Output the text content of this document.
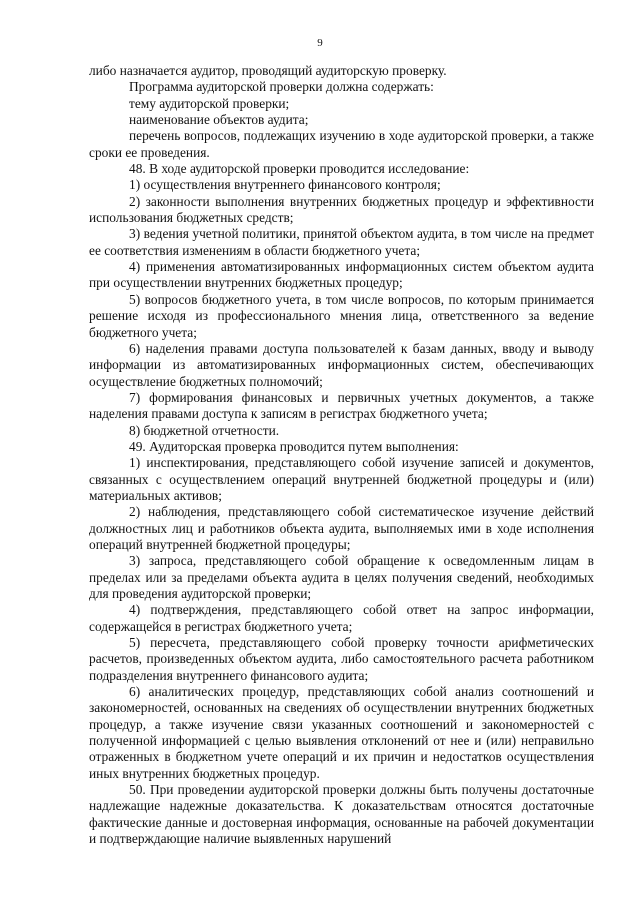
9

либо назначается аудитор, проводящий аудиторскую проверку.

Программа аудиторской проверки должна содержать:

тему аудиторской проверки;

наименование объектов аудита;

перечень вопросов, подлежащих изучению в ходе аудиторской проверки, а также сроки ее проведения.

48. В ходе аудиторской проверки проводится исследование:

1) осуществления внутреннего финансового контроля;

2) законности выполнения внутренних бюджетных процедур и эффективности использования бюджетных средств;

3) ведения учетной политики, принятой объектом аудита, в том числе на предмет ее соответствия изменениям в области бюджетного учета;

4) применения автоматизированных информационных систем объектом аудита при осуществлении внутренних бюджетных процедур;

5) вопросов бюджетного учета, в том числе вопросов, по которым принимается решение исходя из профессионального мнения лица, ответственного за ведение бюджетного учета;

6) наделения правами доступа пользователей к базам данных, вводу и выводу информации из автоматизированных информационных систем, обеспечивающих осуществление бюджетных полномочий;

7) формирования финансовых и первичных учетных документов, а также наделения правами доступа к записям в регистрах бюджетного учета;

8) бюджетной отчетности.

49. Аудиторская проверка проводится путем выполнения:

1) инспектирования, представляющего собой изучение записей и документов, связанных с осуществлением операций внутренней бюджетной процедуры и (или) материальных активов;

2) наблюдения, представляющего собой систематическое изучение действий должностных лиц и работников объекта аудита, выполняемых ими в ходе исполнения операций внутренней бюджетной процедуры;

3) запроса, представляющего собой обращение к осведомленным лицам в пределах или за пределами объекта аудита в целях получения сведений, необходимых для проведения аудиторской проверки;

4) подтверждения, представляющего собой ответ на запрос информации, содержащейся в регистрах бюджетного учета;

5) пересчета, представляющего собой проверку точности арифметических расчетов, произведенных объектом аудита, либо самостоятельного расчета работником подразделения внутреннего финансового аудита;

6) аналитических процедур, представляющих собой анализ соотношений и закономерностей, основанных на сведениях об осуществлении внутренних бюджетных процедур, а также изучение связи указанных соотношений и закономерностей с полученной информацией с целью выявления отклонений от нее и (или) неправильно отраженных в бюджетном учете операций и их причин и недостатков осуществления иных внутренних бюджетных процедур.

50. При проведении аудиторской проверки должны быть получены достаточные надлежащие надежные доказательства. К доказательствам относятся достаточные фактические данные и достоверная информация, основанные на рабочей документации и подтверждающие наличие выявленных нарушений
